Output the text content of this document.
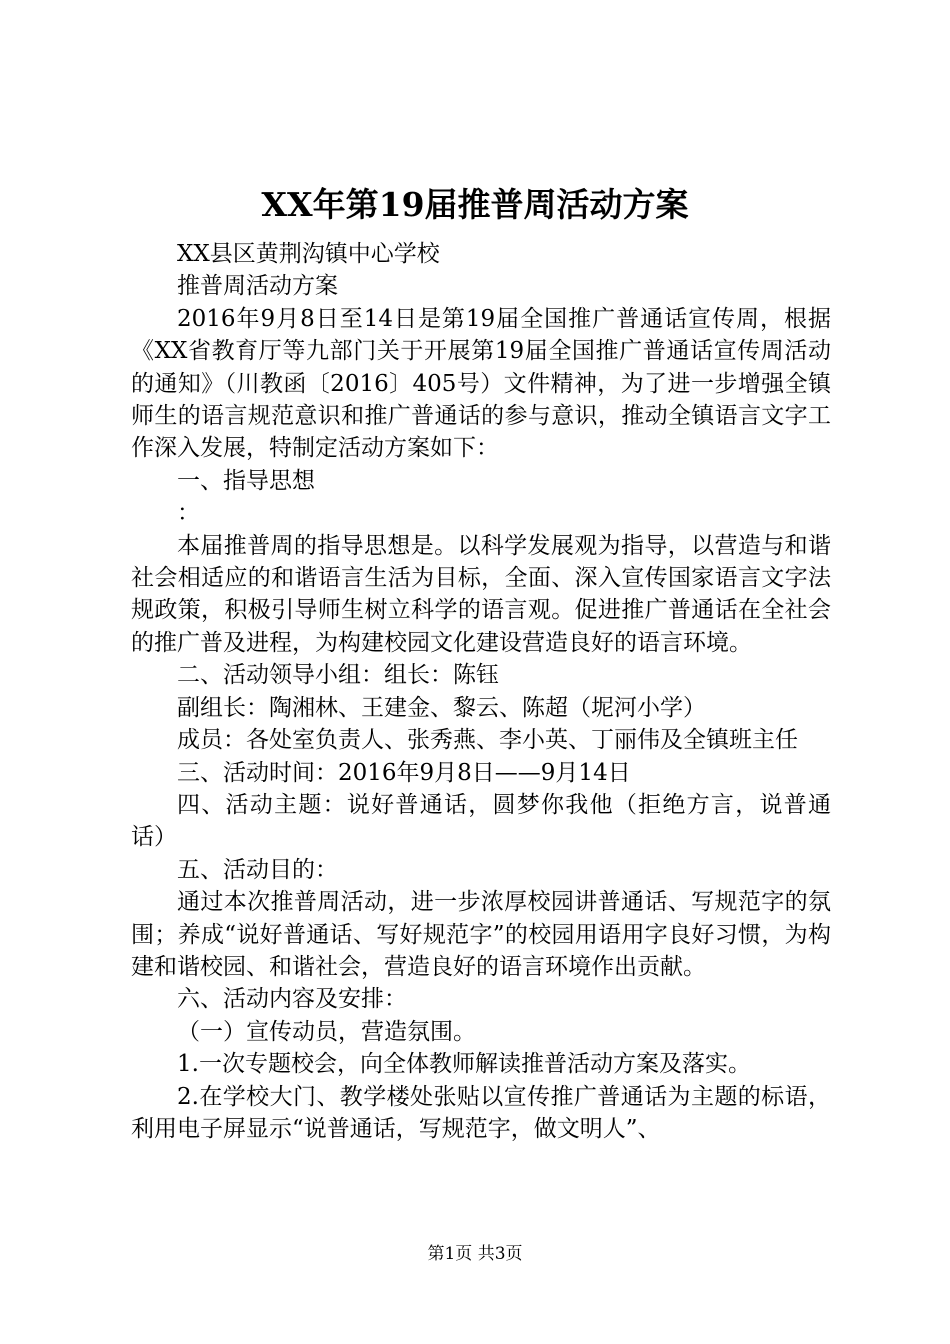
XX年第19届推普周活动方案

XX县区黄荆沟镇中心学校

推普周活动方案

2016年9月8日至14日是第19届全国推广普通话宣传周，根据《XX省教育厅等九部门关于开展第19届全国推广普通话宣传周活动的通知》（川教函〔2016〕405号）文件精神，为了进一步增强全镇师生的语言规范意识和推广普通话的参与意识，推动全镇语言文字工作深入发展，特制定活动方案如下：

一、指导思想

：

本届推普周的指导思想是。以科学发展观为指导，以营造与和谐社会相适应的和谐语言生活为目标，全面、深入宣传国家语言文字法规政策，积极引导师生树立科学的语言观。促进推广普通话在全社会的推广普及进程，为构建校园文化建设营造良好的语言环境。

二、活动领导小组：组长：陈钰

副组长：陶湘林、王建金、黎云、陈超（坭河小学）

成员：各处室负责人、张秀燕、李小英、丁丽伟及全镇班主任

三、活动时间：2016年9月8日——9月14日

四、活动主题：说好普通话，圆梦你我他（拒绝方言，说普通话）

五、活动目的：

通过本次推普周活动，进一步浓厚校园讲普通话、写规范字的氛围；养成“说好普通话、写好规范字”的校园用语用字良好习惯，为构建和谐校园、和谐社会，营造良好的语言环境作出贡献。

六、活动内容及安排：

（一）宣传动员，营造氛围。

1.一次专题校会，向全体教师解读推普活动方案及落实。

2.在学校大门、教学楼处张贴以宣传推广普通话为主题的标语，利用电子屏显示“说普通话，写规范字，做文明人”、

第1页 共3页
